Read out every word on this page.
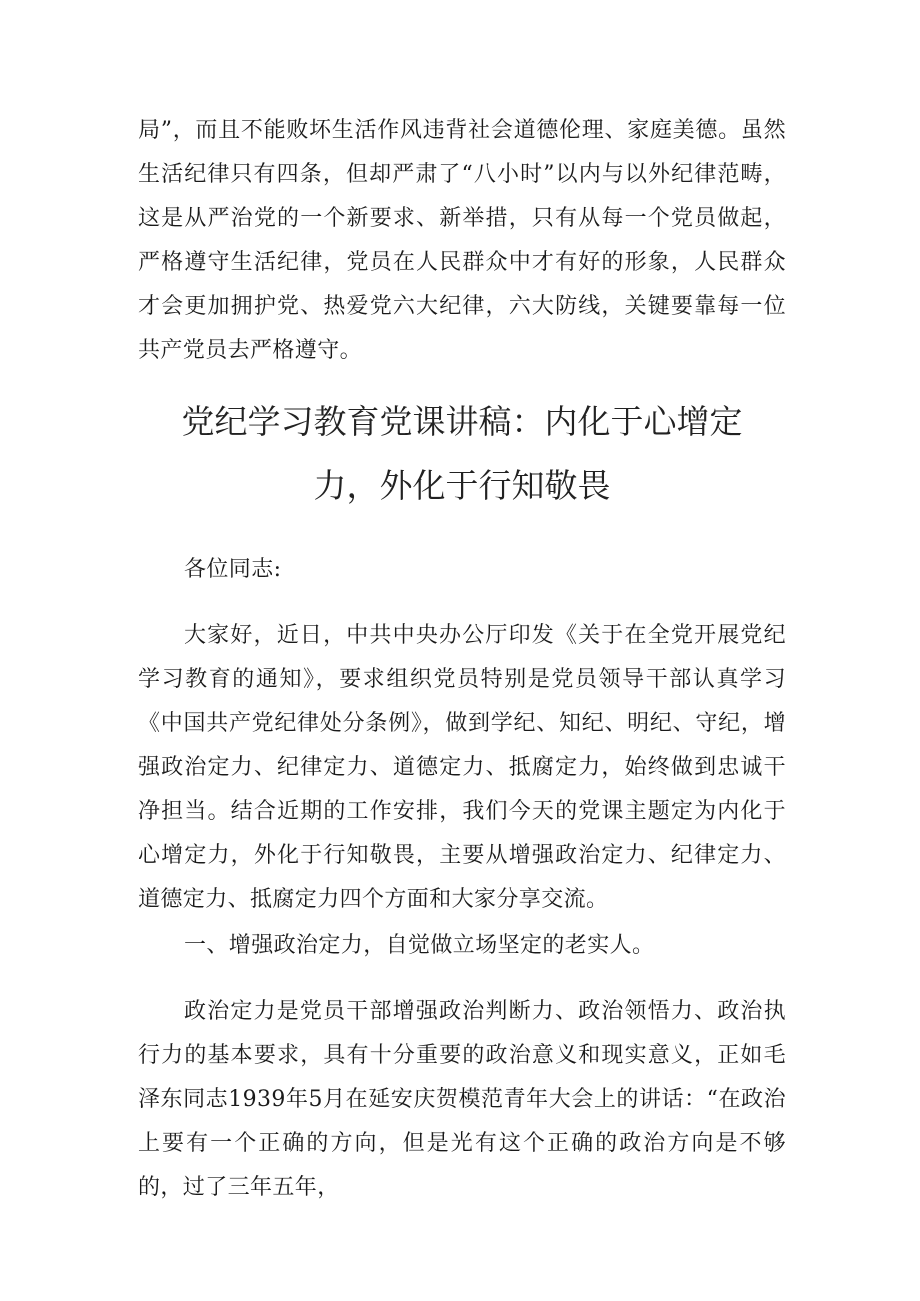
局”，而且不能败坏生活作风违背社会道德伦理、家庭美德。虽然生活纪律只有四条，但却严肃了“八小时”以内与以外纪律范畴，这是从严治党的一个新要求、新举措，只有从每一个党员做起，严格遵守生活纪律，党员在人民群众中才有好的形象，人民群众才会更加拥护党、热爱党六大纪律，六大防线，关键要靠每一位共产党员去严格遵守。

党纪学习教育党课讲稿：内化于心增定
力，外化于行知敬畏

各位同志:

大家好，近日，中共中央办公厅印发《关于在全党开展党纪学习教育的通知》，要求组织党员特别是党员领导干部认真学习《中国共产党纪律处分条例》，做到学纪、知纪、明纪、守纪，增强政治定力、纪律定力、道德定力、抵腐定力，始终做到忠诚干净担当。结合近期的工作安排，我们今天的党课主题定为内化于心增定力，外化于行知敬畏，主要从增强政治定力、纪律定力、道德定力、抵腐定力四个方面和大家分享交流。

一、增强政治定力，自觉做立场坚定的老实人。

政治定力是党员干部增强政治判断力、政治领悟力、政治执行力的基本要求，具有十分重要的政治意义和现实意义，正如毛泽东同志1939年5月在延安庆贺模范青年大会上的讲话：“在政治上要有一个正确的方向，但是光有这个正确的政治方向是不够的，过了三年五年，
